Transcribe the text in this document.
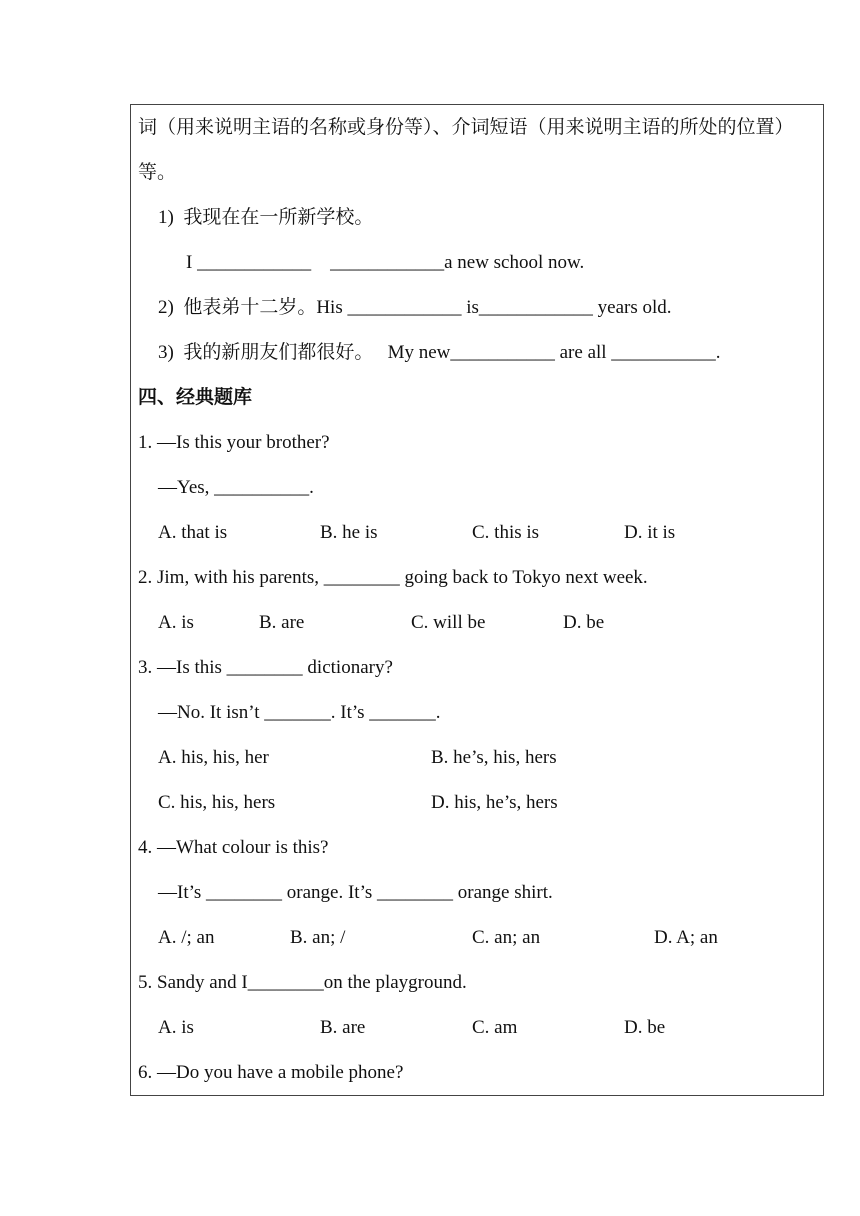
词（用来说明主语的名称或身份等）、介词短语（用来说明主语的所处的位置）
等。
1)  我现在在一所新学校。
I ____________    ____________a new school now.
2)  他表弟十二岁。His ____________ is____________ years old.
3)  我的新朋友们都很好。   My new___________ are all ___________.
四、经典题库
1. —Is this your brother?
—Yes, __________.
A. that is	B. he is	C. this is	D. it is
2. Jim, with his parents, ________ going back to Tokyo next week.
A. is	B. are	C. will be	D. be
3. —Is this ________ dictionary?
—No. It isn’t _______. It’s _______.
A. his, his, her	B. he’s, his, hers
C. his, his, hers	D. his, he’s, hers
4. —What colour is this?
—It’s ________ orange. It’s ________ orange shirt.
A. /; an	B. an; /	C. an; an	D. A; an
5. Sandy and I________on the playground.
A. is	B. are	C. am	D. be
6. —Do you have a mobile phone?
